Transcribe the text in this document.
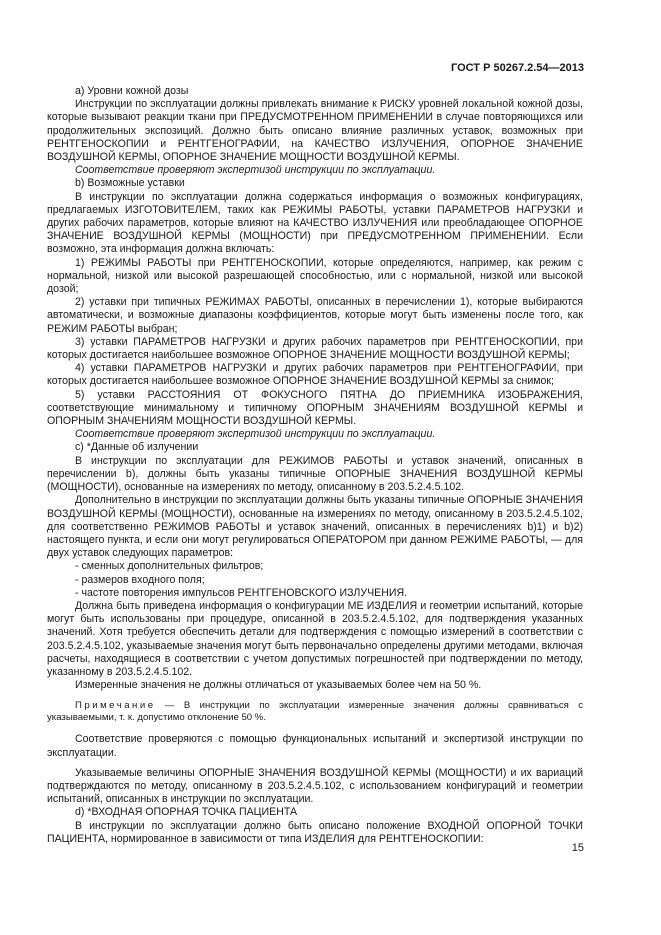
ГОСТ Р 50267.2.54—2013

a) Уровни кожной дозы

Инструкции по эксплуатации должны привлекать внимание к РИСКУ уровней локальной кожной дозы, которые вызывают реакции ткани при ПРЕДУСМОТРЕННОМ ПРИМЕНЕНИИ в случае повторяющихся или продолжительных экспозиций. Должно быть описано влияние различных уставок, возможных при РЕНТГЕНОСКОПИИ и РЕНТГЕНОГРАФИИ, на КАЧЕСТВО ИЗЛУЧЕНИЯ, ОПОРНОЕ ЗНАЧЕНИЕ ВОЗДУШНОЙ КЕРМЫ, ОПОРНОЕ ЗНАЧЕНИЕ МОЩНОСТИ ВОЗДУШНОЙ КЕРМЫ.

Соответствие проверяют экспертизой инструкции по эксплуатации.

b) Возможные уставки

В инструкции по эксплуатации должна содержаться информация о возможных конфигурациях, предлагаемых ИЗГОТОВИТЕЛЕМ, таких как РЕЖИМЫ РАБОТЫ, уставки ПАРАМЕТРОВ НАГРУЗКИ и других рабочих параметров, которые влияют на КАЧЕСТВО ИЗЛУЧЕНИЯ или преобладающее ОПОРНОЕ ЗНАЧЕНИЕ ВОЗДУШНОЙ КЕРМЫ (МОЩНОСТИ) при ПРЕДУСМОТРЕННОМ ПРИМЕНЕНИИ. Если возможно, эта информация должна включать:

1) РЕЖИМЫ РАБОТЫ при РЕНТГЕНОСКОПИИ, которые определяются, например, как режим с нормальной, низкой или высокой разрешающей способностью, или с нормальной, низкой или высокой дозой;

2) уставки при типичных РЕЖИМАХ РАБОТЫ, описанных в перечислении 1), которые выбираются автоматически, и возможные диапазоны коэффициентов, которые могут быть изменены после того, как РЕЖИМ РАБОТЫ выбран;

3) уставки ПАРАМЕТРОВ НАГРУЗКИ и других рабочих параметров при РЕНТГЕНОСКОПИИ, при которых достигается наибольшее возможное ОПОРНОЕ ЗНАЧЕНИЕ МОЩНОСТИ ВОЗДУШНОЙ КЕРМЫ;

4) уставки ПАРАМЕТРОВ НАГРУЗКИ и других рабочих параметров при РЕНТГЕНОГРАФИИ, при которых достигается наибольшее возможное ОПОРНОЕ ЗНАЧЕНИЕ ВОЗДУШНОЙ КЕРМЫ за снимок;

5) уставки РАССТОЯНИЯ ОТ ФОКУСНОГО ПЯТНА ДО ПРИЕМНИКА ИЗОБРАЖЕНИЯ, соответствующие минимальному и типичному ОПОРНЫМ ЗНАЧЕНИЯМ ВОЗДУШНОЙ КЕРМЫ и ОПОРНЫМ ЗНАЧЕНИЯМ МОЩНОСТИ ВОЗДУШНОЙ КЕРМЫ.

Соответствие проверяют экспертизой инструкции по эксплуатации.

c) *Данные об излучении

В инструкции по эксплуатации для РЕЖИМОВ РАБОТЫ и уставок значений, описанных в перечислении b), должны быть указаны типичные ОПОРНЫЕ ЗНАЧЕНИЯ ВОЗДУШНОЙ КЕРМЫ (МОЩНОСТИ), основанные на измерениях по методу, описанному в 203.5.2.4.5.102.

Дополнительно в инструкции по эксплуатации должны быть указаны типичные ОПОРНЫЕ ЗНАЧЕНИЯ ВОЗДУШНОЙ КЕРМЫ (МОЩНОСТИ), основанные на измерениях по методу, описанному в 203.5.2.4.5.102, для соответственно РЕЖИМОВ РАБОТЫ и уставок значений, описанных в перечислениях b)1) и b)2) настоящего пункта, и если они могут регулироваться ОПЕРАТОРОМ при данном РЕЖИМЕ РАБОТЫ, — для двух уставок следующих параметров:

- сменных дополнительных фильтров;

- размеров входного поля;

- частоте повторения импульсов РЕНТГЕНОВСКОГО ИЗЛУЧЕНИЯ.

Должна быть приведена информация о конфигурации МЕ ИЗДЕЛИЯ и геометрии испытаний, которые могут быть использованы при процедуре, описанной в 203.5.2.4.5.102, для подтверждения указанных значений. Хотя требуется обеспечить детали для подтверждения с помощью измерений в соответствии с 203.5.2.4.5.102, указываемые значения могут быть первоначально определены другими методами, включая расчеты, находящиеся в соответствии с учетом допустимых погрешностей при подтверждении по методу, указанному в 203.5.2.4.5.102.

Измеренные значения не должны отличаться от указываемых более чем на 50 %.

Примечание — В инструкции по эксплуатации измеренные значения должны сравниваться с указываемыми, т. к. допустимо отклонение 50 %.

Соответствие проверяются с помощью функциональных испытаний и экспертизой инструкции по эксплуатации.

Указываемые величины ОПОРНЫЕ ЗНАЧЕНИЯ ВОЗДУШНОЙ КЕРМЫ (МОЩНОСТИ) и их вариаций подтверждаются по методу, описанному в 203.5.2.4.5.102, с использованием конфигураций и геометрии испытаний, описанных в инструкции по эксплуатации.

d) *ВХОДНАЯ ОПОРНАЯ ТОЧКА ПАЦИЕНТА

В инструкции по эксплуатации должно быть описано положение ВХОДНОЙ ОПОРНОЙ ТОЧКИ ПАЦИЕНТА, нормированное в зависимости от типа ИЗДЕЛИЯ для РЕНТГЕНОСКОПИИ:

15
